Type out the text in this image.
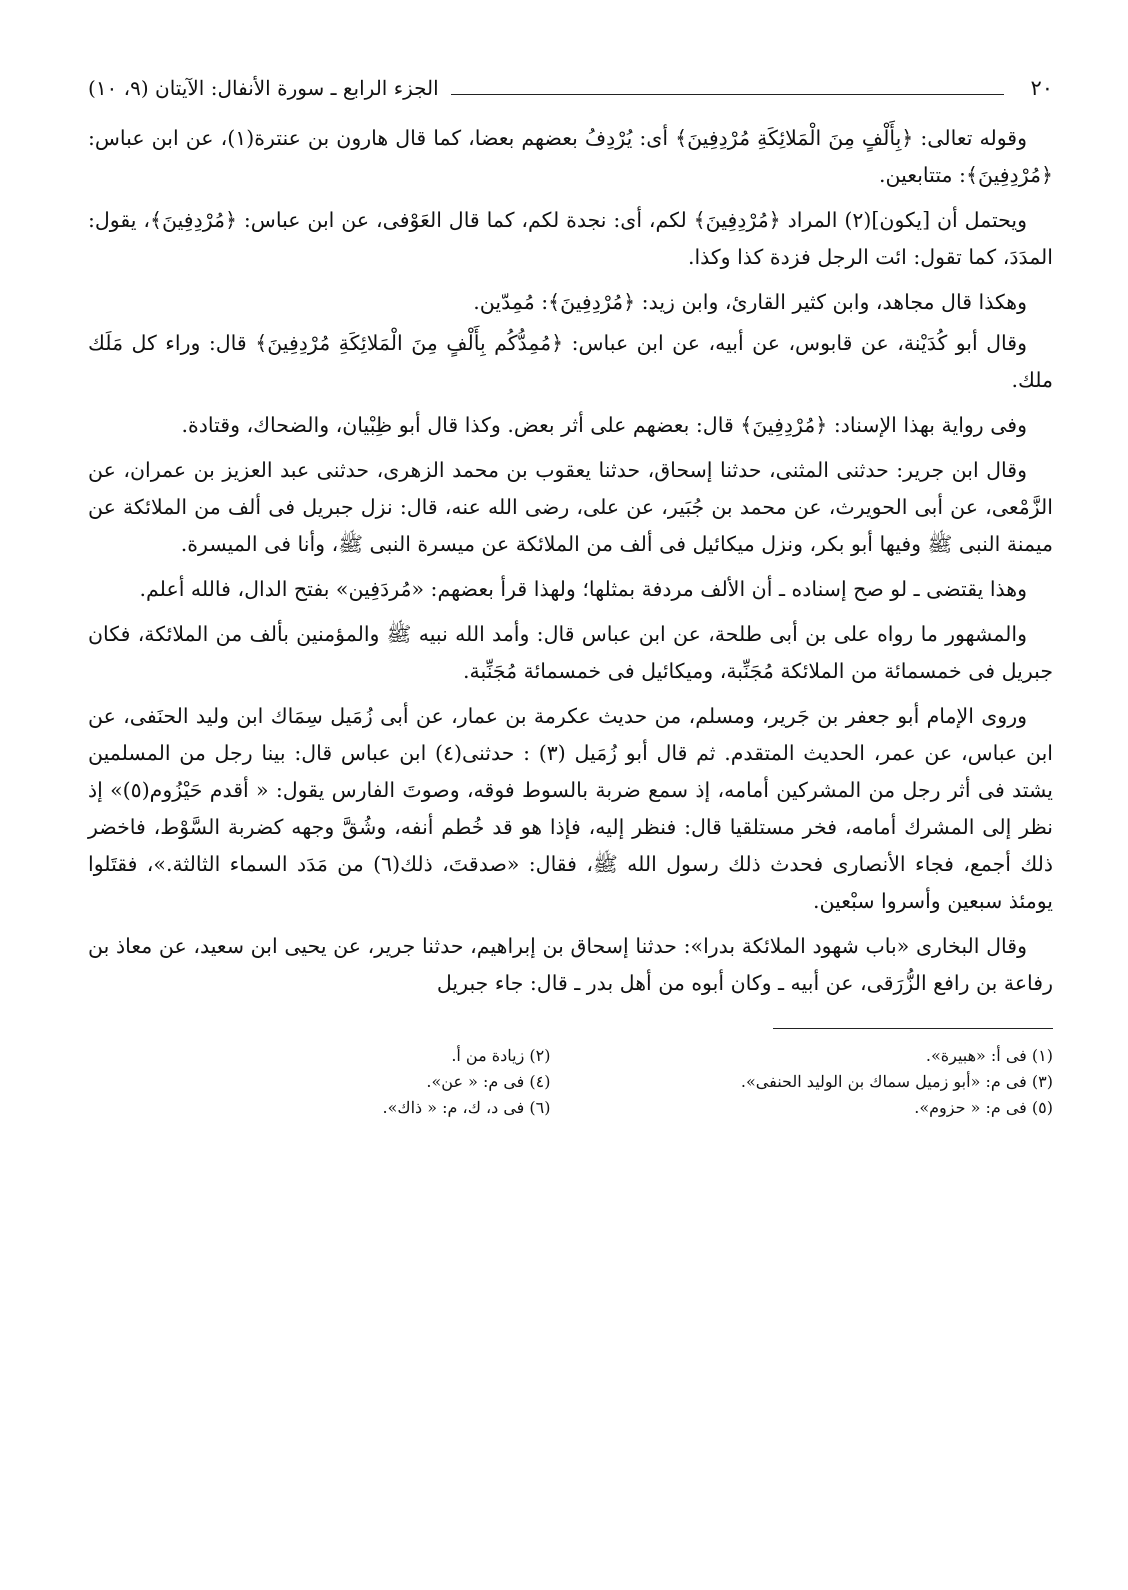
٢٠
الجزء الرابع ـ سورة الأنفال: الآيتان (٩، ١٠)

وقوله تعالى: ﴿بِأَلْفٍ مِنَ الْمَلائِكَةِ مُرْدِفِينَ﴾ أى: يُرْدِفُ بعضهم بعضا، كما قال هارون بن عنترة(١)، عن ابن عباس: ﴿مُرْدِفِينَ﴾: متتابعين.

ويحتمل أن [يكون](٢) المراد ﴿مُرْدِفِينَ﴾ لكم، أى: نجدة لكم، كما قال العَوْفى، عن ابن عباس: ﴿مُرْدِفِينَ﴾، يقول: المدَدَ، كما تقول: ائت الرجل فزدة كذا وكذا.

وهكذا قال مجاهد، وابن كثير القارئ، وابن زيد: ﴿مُرْدِفِينَ﴾: مُمِدّين.

وقال أبو كُدَيْنة، عن قابوس، عن أبيه، عن ابن عباس: ﴿مُمِدُّكُم بِأَلْفٍ مِنَ الْمَلائِكَةِ مُرْدِفِينَ﴾ قال: وراء كل مَلَك ملك.

وفى رواية بهذا الإسناد: ﴿مُرْدِفِينَ﴾ قال: بعضهم على أثر بعض. وكذا قال أبو ظِبْيان، والضحاك، وقتادة.

وقال ابن جرير: حدثنى المثنى، حدثنا إسحاق، حدثنا يعقوب بن محمد الزهرى، حدثنى عبد العزيز بن عمران، عن الزَّمْعى، عن أبى الحويرث، عن محمد بن جُبَير، عن على، رضى الله عنه، قال: نزل جبريل فى ألف من الملائكة عن ميمنة النبى ﷺ وفيها أبو بكر، ونزل ميكائيل فى ألف من الملائكة عن ميسرة النبى ﷺ، وأنا فى الميسرة.

وهذا يقتضى ـ لو صح إسناده ـ أن الألف مردفة بمثلها؛ ولهذا قرأ بعضهم: «مُردَفِين» بفتح الدال، فالله أعلم.

والمشهور ما رواه على بن أبى طلحة، عن ابن عباس قال: وأمد الله نبيه ﷺ والمؤمنين بألف من الملائكة، فكان جبريل فى خمسمائة من الملائكة مُجَنِّبة، وميكائيل فى خمسمائة مُجَنِّبة.

وروى الإمام أبو جعفر بن جَرير، ومسلم، من حديث عكرمة بن عمار، عن أبى زُمَيل سِمَاك ابن وليد الحنَفى، عن ابن عباس، عن عمر، الحديث المتقدم. ثم قال أبو زُمَيل (٣) : حدثنى(٤) ابن عباس قال: بينا رجل من المسلمين يشتد فى أثر رجل من المشركين أمامه، إذ سمع ضربة بالسوط فوقه، وصوتَ الفارس يقول: « أقدم حَيْزُوم(٥)» إذ نظر إلى المشرك أمامه، فخر مستلقيا قال: فنظر إليه، فإذا هو قد خُطم أنفه، وشُقَّ وجهه كضربة السَّوْط، فاخضر ذلك أجمع، فجاء الأنصارى فحدث ذلك رسول الله ﷺ، فقال: «صدقتَ، ذلك(٦) من مَدَد السماء الثالثة.»، فقتَلوا يومئذ سبعين وأسروا سبْعين.

وقال البخارى «باب شهود الملائكة بدرا»: حدثنا إسحاق بن إبراهيم، حدثنا جرير، عن يحيى ابن سعيد، عن معاذ بن رفاعة بن رافع الزُّرَقى، عن أبيه ـ وكان أبوه من أهل بدر ـ قال: جاء جبريل

(١) فى أ: «هبيرة».
(٢) زيادة من أ.
(٣) فى م: «أبو زميل سماك بن الوليد الحنفى».
(٤) فى م: « عن».
(٥) فى م: « حزوم».
(٦) فى د، ك، م: « ذاك».
